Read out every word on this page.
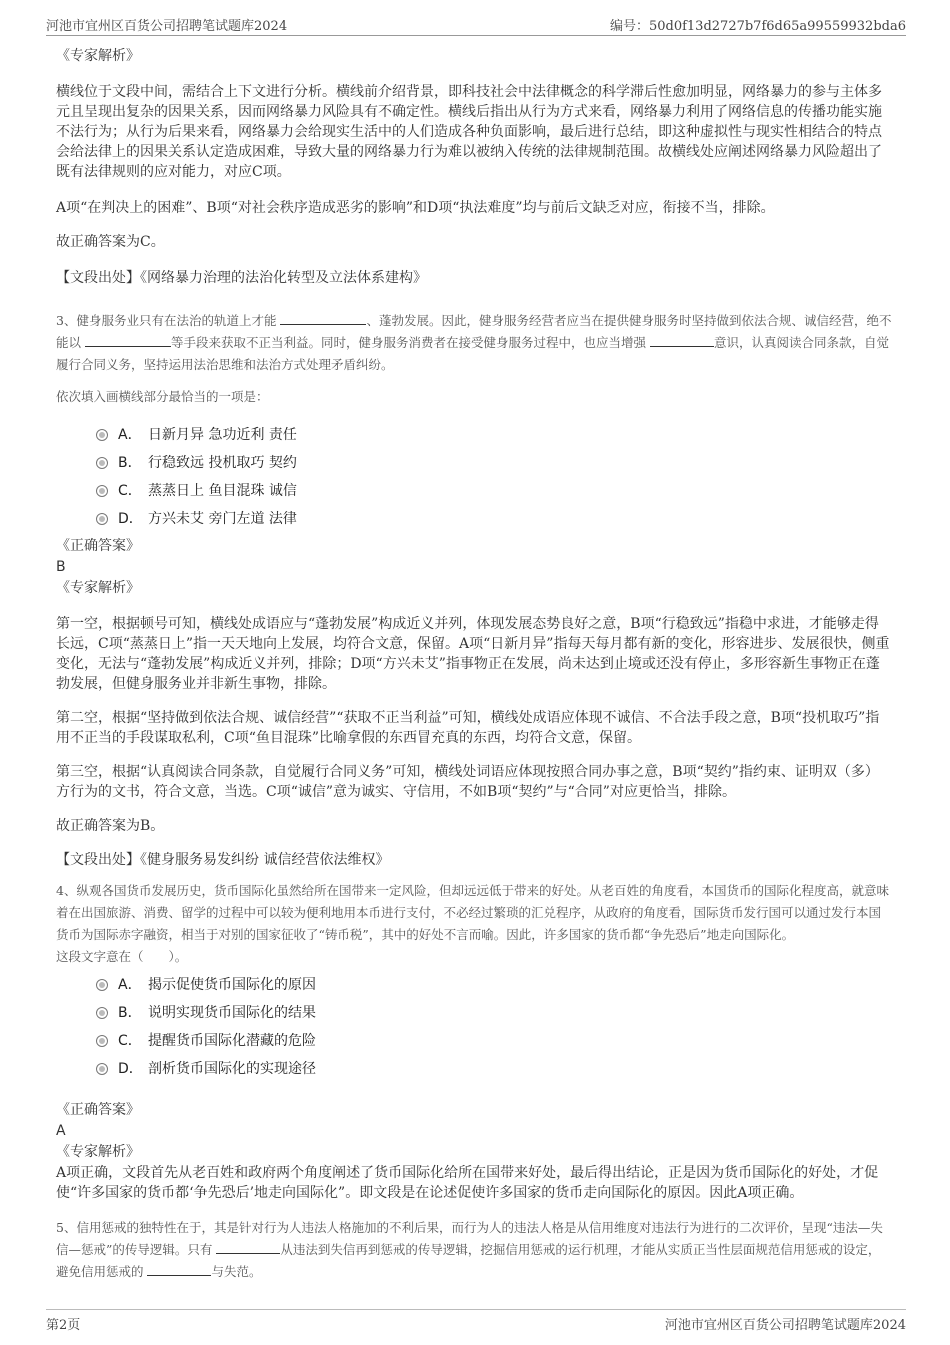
河池市宜州区百货公司招聘笔试题库2024	编号：50d0f13d2727b7f6d65a99559932bda6

《专家解析》

横线位于文段中间，需结合上下文进行分析。横线前介绍背景，即科技社会中法律概念的科学滞后性愈加明显，网络暴力的参与主体多元且呈现出复杂的因果关系，因而网络暴力风险具有不确定性。横线后指出从行为方式来看，网络暴力利用了网络信息的传播功能实施不法行为；从行为后果来看，网络暴力会给现实生活中的人们造成各种负面影响，最后进行总结，即这种虚拟性与现实性相结合的特点会给法律上的因果关系认定造成困难，导致大量的网络暴力行为难以被纳入传统的法律规制范围。故横线处应阐述网络暴力风险超出了既有法律规则的应对能力，对应C项。

A项“在判决上的困难”、B项“对社会秩序造成恶劣的影响”和D项“执法难度”均与前后文缺乏对应，衔接不当，排除。

故正确答案为C。

【文段出处】《网络暴力治理的法治化转型及立法体系建构》

3、健身服务业只有在法治的轨道上才能	、蓬勃发展。因此，健身服务经营者应当在提供健身服务时坚持做到依法合规、诚信经营，绝不能以	等手段来获取不正当利益。同时，健身服务消费者在接受健身服务过程中，也应当增强	意识，认真阅读合同条款，自觉履行合同义务，坚持运用法治思维和法治方式处理矛盾纠纷。

依次填入画横线部分最恰当的一项是：

A． 日新月异 急功近利 责任
B． 行稳致远 投机取巧 契约
C． 蒸蒸日上 鱼目混珠 诚信
D． 方兴未艾 旁门左道 法律

《正确答案》

B

《专家解析》

第一空，根据顿号可知，横线处成语应与“蓬勃发展”构成近义并列，体现发展态势良好之意，B项“行稳致远”指稳中求进，才能够走得长远，C项“蒸蒸日上”指一天天地向上发展，均符合文意，保留。A项“日新月异”指每天每月都有新的变化，形容进步、发展很快，侧重变化，无法与“蓬勃发展”构成近义并列，排除；D项“方兴未艾”指事物正在发展，尚未达到止境或还没有停止，多形容新生事物正在蓬勃发展，但健身服务业并非新生事物，排除。

第二空，根据“坚持做到依法合规、诚信经营”“获取不正当利益”可知，横线处成语应体现不诚信、不合法手段之意，B项“投机取巧”指用不正当的手段谋取私利，C项“鱼目混珠”比喻拿假的东西冒充真的东西，均符合文意，保留。

第三空，根据“认真阅读合同条款，自觉履行合同义务”可知，横线处词语应体现按照合同办事之意，B项“契约”指约束、证明双（多）方行为的文书，符合文意，当选。C项“诚信”意为诚实、守信用，不如B项“契约”与“合同”对应更恰当，排除。

故正确答案为B。

【文段出处】《健身服务易发纠纷 诚信经营依法维权》

4、纵观各国货币发展历史，货币国际化虽然给所在国带来一定风险，但却远远低于带来的好处。从老百姓的角度看，本国货币的国际化程度高，就意味着在出国旅游、消费、留学的过程中可以较为便利地用本币进行支付，不必经过繁琐的汇兑程序，从政府的角度看，国际货币发行国可以通过发行本国货币为国际赤字融资，相当于对别的国家征收了“铸币税”，其中的好处不言而喻。因此，许多国家的货币都“争先恐后”地走向国际化。

这段文字意在（　　）。

A． 揭示促使货币国际化的原因
B． 说明实现货币国际化的结果
C． 提醒货币国际化潜藏的危险
D． 剖析货币国际化的实现途径

《正确答案》

A

《专家解析》

A项正确，文段首先从老百姓和政府两个角度阐述了货币国际化给所在国带来好处，最后得出结论，正是因为货币国际化的好处，才促使“许多国家的货币都‘争先恐后’地走向国际化”。即文段是在论述促使许多国家的货币走向国际化的原因。因此A项正确。

5、信用惩戒的独特性在于，其是针对行为人违法人格施加的不利后果，而行为人的违法人格是从信用维度对违法行为进行的二次评价，呈现“违法—失信—惩戒”的传导逻辑。只有	从违法到失信再到惩戒的传导逻辑，挖掘信用惩戒的运行机理，才能从实质正当性层面规范信用惩戒的设定，避免信用惩戒的	与失范。

第2页	河池市宜州区百货公司招聘笔试题库2024
